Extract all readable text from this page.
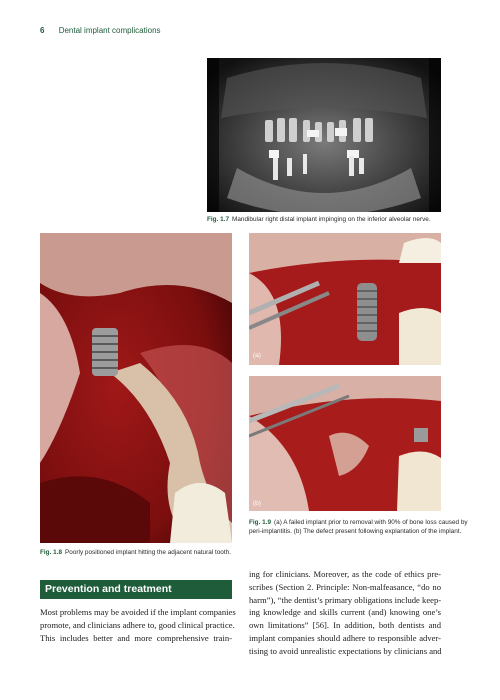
6 Dental implant complications
Fig. 1.7 Mandibular right distal implant impinging on the inferior alveolar nerve.
Fig. 1.8 Poorly positioned implant hitting the adjacent natural tooth.
(a)
(b)
Fig. 1.9 (a) A failed implant prior to removal with 90% of bone loss caused by
peri-implantitis. (b) The defect present following explantation of the implant.
Prevention and treatment
Most problems may be avoided if the implant companies
promote, and clinicians adhere to, good clinical practice.
This includes better and more comprehensive train-
ing for clinicians. Moreover, as the code of ethics pre-
scribes (Section 2. Principle: Non-malfeasance, “do no
harm”), “the dentist’s primary obligations include keep-
ing knowledge and skills current (and) knowing one’s
own limitations” [56]. In addition, both dentists and
implant companies should adhere to responsible adver-
tising to avoid unrealistic expectations by clinicians and
